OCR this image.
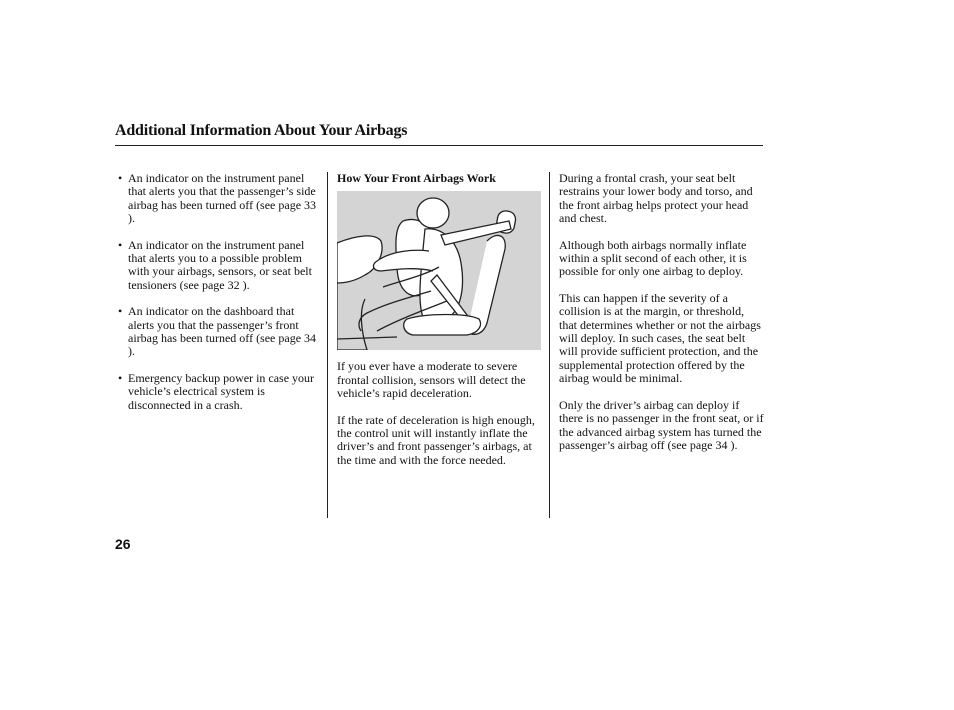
Additional Information About Your Airbags
• An indicator on the instrument panel that alerts you that the passenger’s side airbag has been turned off (see page 33 ).
• An indicator on the instrument panel that alerts you to a possible problem with your airbags, sensors, or seat belt tensioners (see page 32 ).
• An indicator on the dashboard that alerts you that the passenger’s front airbag has been turned off (see page 34 ).
• Emergency backup power in case your vehicle’s electrical system is disconnected in a crash.
How Your Front Airbags Work
If you ever have a moderate to severe frontal collision, sensors will detect the vehicle’s rapid deceleration.
If the rate of deceleration is high enough, the control unit will instantly inflate the driver’s and front passenger’s airbags, at the time and with the force needed.
During a frontal crash, your seat belt restrains your lower body and torso, and the front airbag helps protect your head and chest.
Although both airbags normally inflate within a split second of each other, it is possible for only one airbag to deploy.
This can happen if the severity of a collision is at the margin, or threshold, that determines whether or not the airbags will deploy. In such cases, the seat belt will provide sufficient protection, and the supplemental protection offered by the airbag would be minimal.
Only the driver’s airbag can deploy if there is no passenger in the front seat, or if the advanced airbag system has turned the passenger’s airbag off (see page 34 ).
26
